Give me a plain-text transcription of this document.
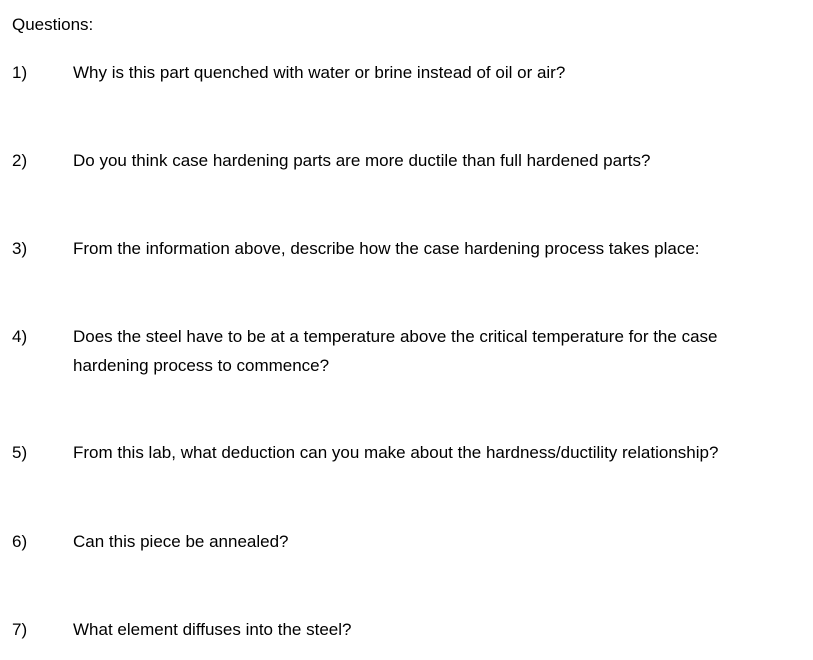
Questions:
1)	Why is this part quenched with water or brine instead of oil or air?
2)	Do you think case hardening parts are more ductile than full hardened parts?
3)	From the information above, describe how the case hardening process takes place:
4)	Does the steel have to be at a temperature above the critical temperature for the case hardening process to commence?
5)	From this lab, what deduction can you make about the hardness/ductility relationship?
6)	Can this piece be annealed?
7)	What element diffuses into the steel?
